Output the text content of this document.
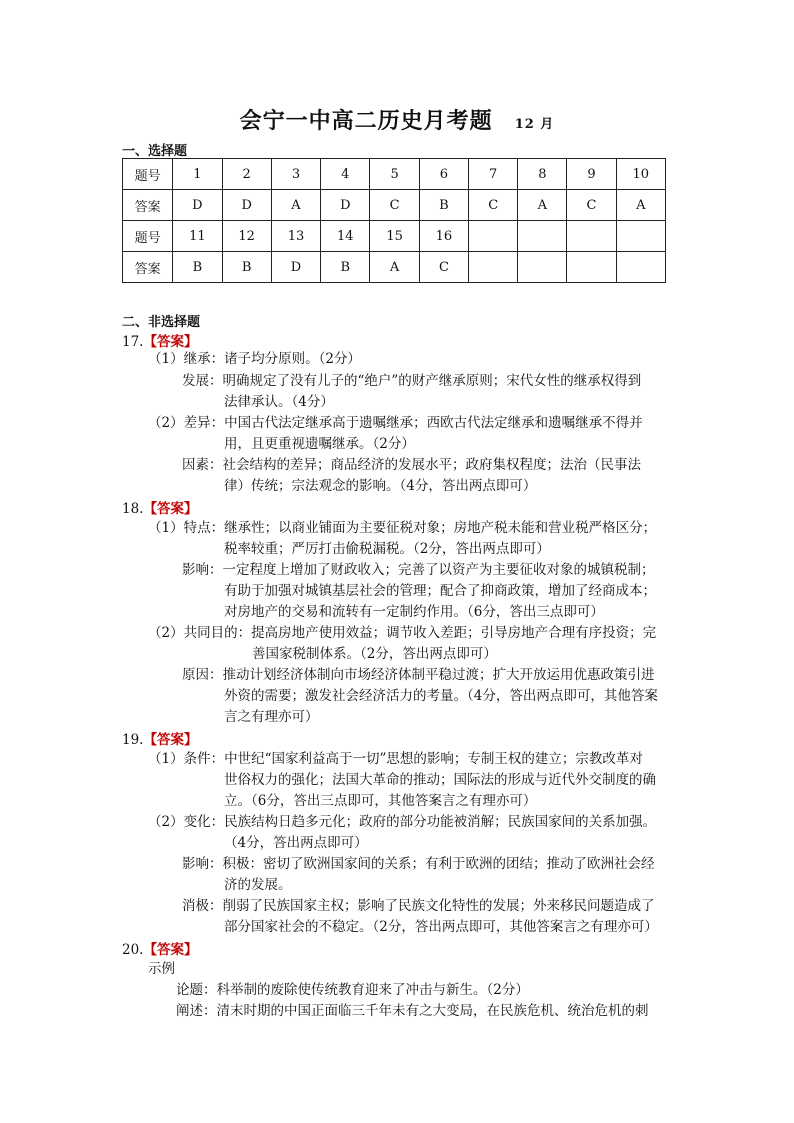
会宁一中高二历史月考题 12 月
一、选择题
题号	1	2	3	4	5	6	7	8	9	10
答案	D	D	A	D	C	B	C	A	C	A
题号	11	12	13	14	15	16				
答案	B	B	D	B	A	C				
二、非选择题
17.【答案】
（1）继承：诸子均分原则。（2分）
发展：明确规定了没有儿子的“绝户”的财产继承原则；宋代女性的继承权得到
法律承认。（4分）
（2）差异：中国古代法定继承高于遗嘱继承；西欧古代法定继承和遗嘱继承不得并
用，且更重视遗嘱继承。（2分）
因素：社会结构的差异；商品经济的发展水平；政府集权程度；法治（民事法
律）传统；宗法观念的影响。（4分，答出两点即可）
18.【答案】
（1）特点：继承性；以商业铺面为主要征税对象；房地产税未能和营业税严格区分；
税率较重；严厉打击偷税漏税。（2分，答出两点即可）
影响：一定程度上增加了财政收入；完善了以资产为主要征收对象的城镇税制；
有助于加强对城镇基层社会的管理；配合了抑商政策，增加了经商成本；
对房地产的交易和流转有一定制约作用。（6分，答出三点即可）
（2）共同目的：提高房地产使用效益；调节收入差距；引导房地产合理有序投资；完
善国家税制体系。（2分，答出两点即可）
原因：推动计划经济体制向市场经济体制平稳过渡；扩大开放运用优惠政策引进
外资的需要；激发社会经济活力的考量。（4分，答出两点即可，其他答案
言之有理亦可）
19.【答案】
（1）条件：中世纪“国家利益高于一切”思想的影响；专制王权的建立；宗教改革对
世俗权力的强化；法国大革命的推动；国际法的形成与近代外交制度的确
立。（6分，答出三点即可，其他答案言之有理亦可）
（2）变化：民族结构日趋多元化；政府的部分功能被消解；民族国家间的关系加强。
（4分，答出两点即可）
影响：积极：密切了欧洲国家间的关系；有利于欧洲的团结；推动了欧洲社会经
济的发展。
消极：削弱了民族国家主权；影响了民族文化特性的发展；外来移民问题造成了
部分国家社会的不稳定。（2分，答出两点即可，其他答案言之有理亦可）
20.【答案】
示例
论题：科举制的废除使传统教育迎来了冲击与新生。（2分）
阐述：清末时期的中国正面临三千年未有之大变局，在民族危机、统治危机的刺
